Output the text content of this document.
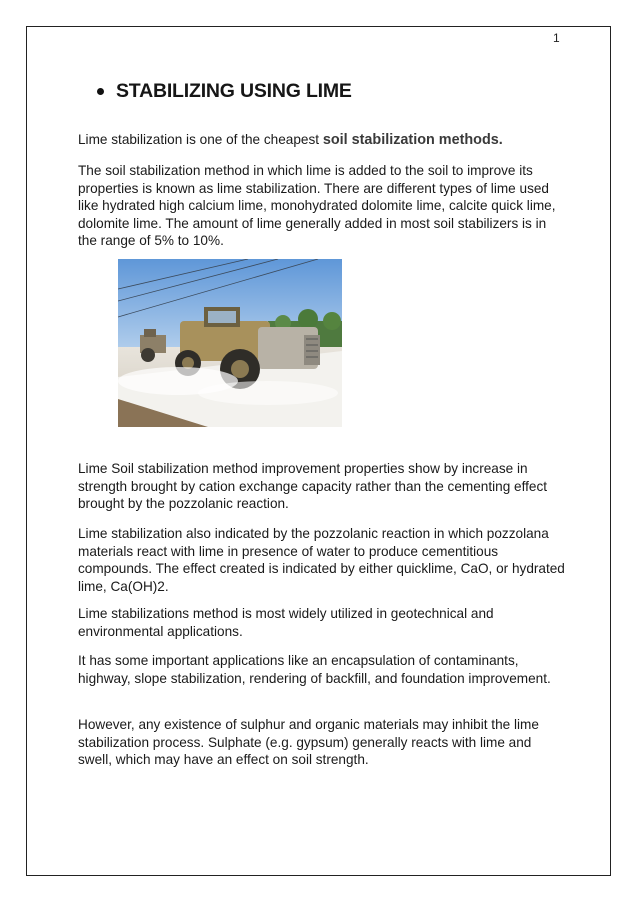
1
STABILIZING USING LIME

Lime stabilization is one of the cheapest soil stabilization methods.

The soil stabilization method in which lime is added to the soil to improve its properties is known as lime stabilization. There are different types of lime used like hydrated high calcium lime, monohydrated dolomite lime, calcite quick lime, dolomite lime. The amount of lime generally added in most soil stabilizers is in the range of 5% to 10%.

Lime Soil stabilization method improvement properties show by increase in strength brought by cation exchange capacity rather than the cementing effect brought by the pozzolanic reaction.

Lime stabilization also indicated by the pozzolanic reaction in which pozzolana materials react with lime in presence of water to produce cementitious compounds. The effect created is indicated by either quicklime, CaO, or hydrated lime, Ca(OH)2.

Lime stabilizations method is most widely utilized in geotechnical and environmental applications.

It has some important applications like an encapsulation of contaminants, highway, slope stabilization, rendering of backfill, and foundation improvement.

However, any existence of sulphur and organic materials may inhibit the lime stabilization process. Sulphate (e.g. gypsum) generally reacts with lime and swell, which may have an effect on soil strength.
